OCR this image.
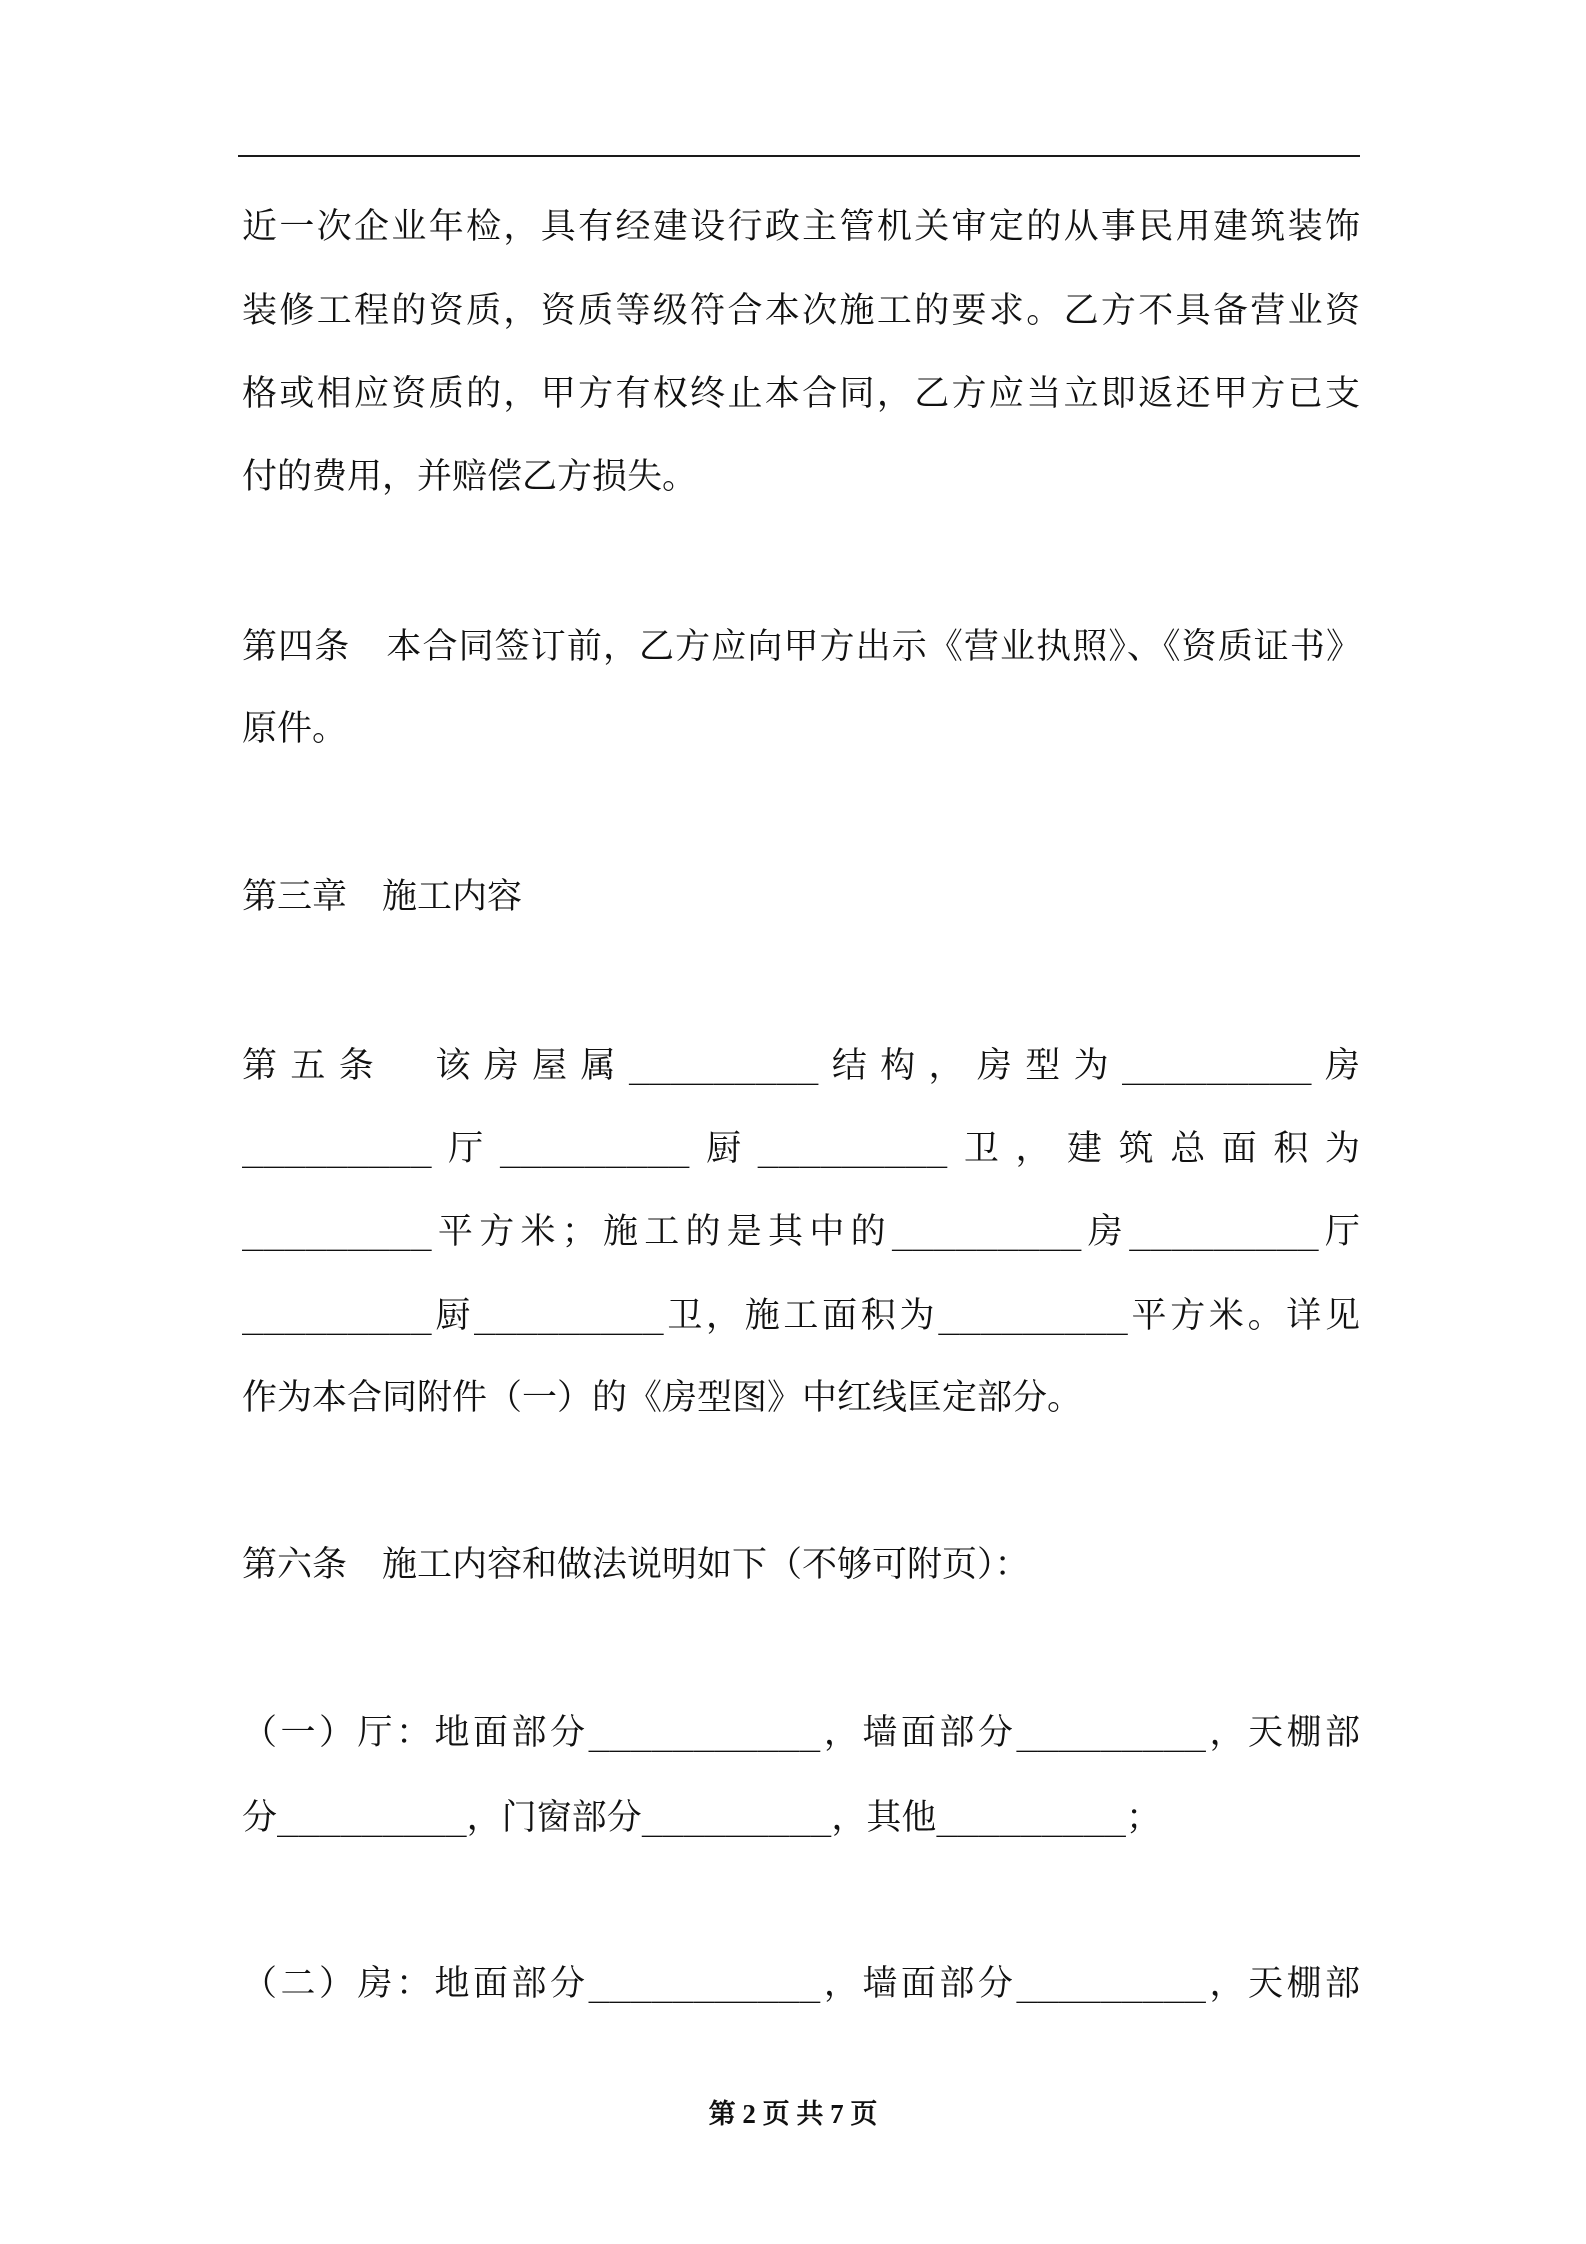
近一次企业年检，具有经建设行政主管机关审定的从事民用建筑装饰
装修工程的资质，资质等级符合本次施工的要求。乙方不具备营业资
格或相应资质的，甲方有权终止本合同，乙方应当立即返还甲方已支
付的费用，并赔偿乙方损失。
第四条　本合同签订前，乙方应向甲方出示《营业执照》、《资质证书》
原件。
第三章　施工内容
第五条　该房屋属_________结构，房型为_________房
_________厅_________厨_________卫，建筑总面积为
_________平方米；施工的是其中的_________房_________厅
_________厨_________卫，施工面积为_________平方米。详见
作为本合同附件（一）的《房型图》中红线匡定部分。
第六条　施工内容和做法说明如下（不够可附页）：
（一）厅：地面部分___________，墙面部分_________，天棚部
分_________，门窗部分_________，其他_________；
（二）房：地面部分___________，墙面部分_________，天棚部
第 2 页 共 7 页
